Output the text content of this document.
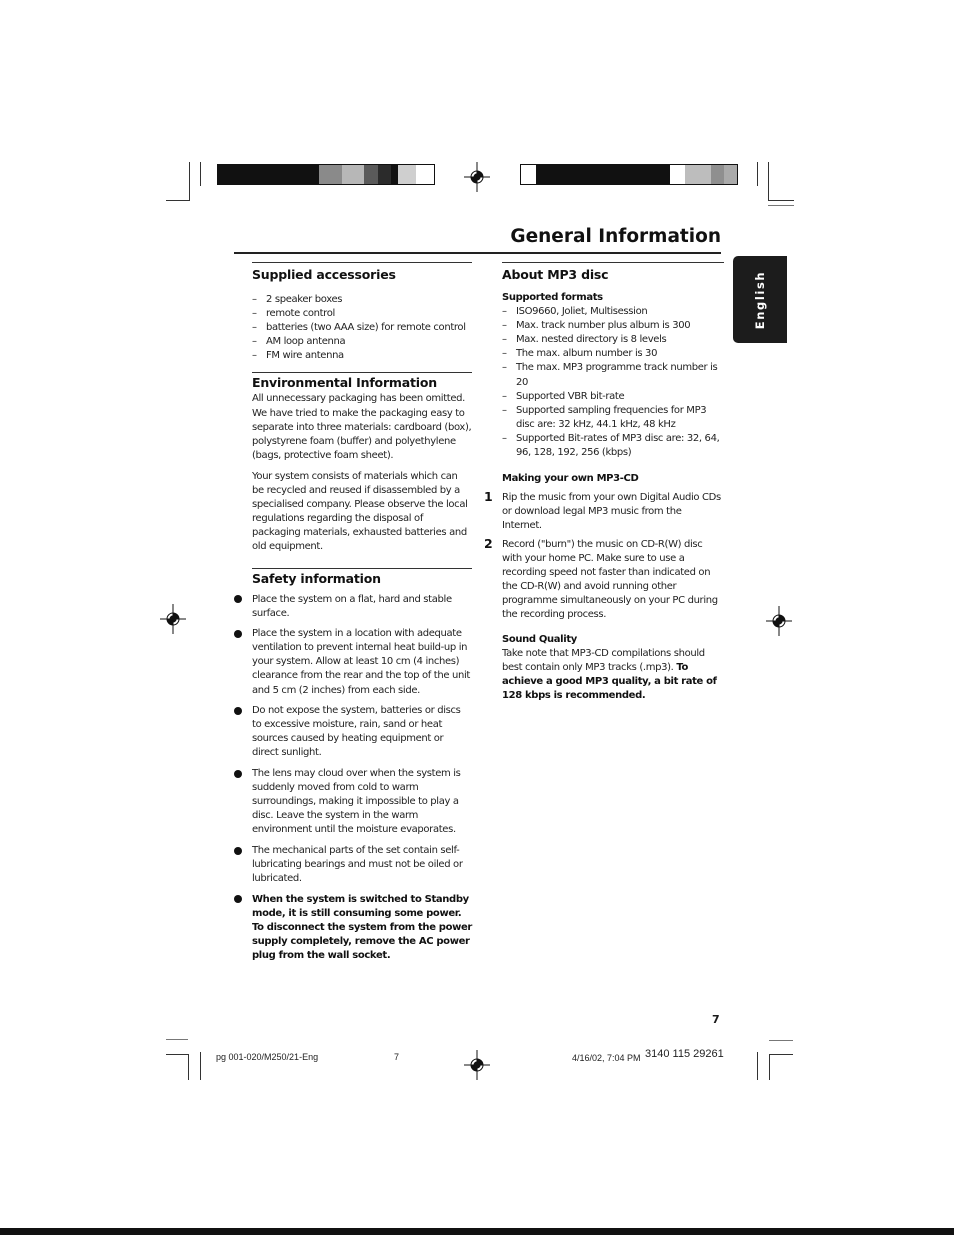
General Information
English
Supplied accessories
– 2 speaker boxes
– remote control
– batteries (two AAA size) for remote control
– AM loop antenna
– FM wire antenna
Environmental Information

All unnecessary packaging has been omitted. We have tried to make the packaging easy to separate into three materials: cardboard (box), polystyrene foam (buffer) and polyethylene (bags, protective foam sheet).

Your system consists of materials which can be recycled and reused if disassembled by a specialised company. Please observe the local regulations regarding the disposal of packaging materials, exhausted batteries and old equipment.

Safety information
Place the system on a flat, hard and stable surface.
Place the system in a location with adequate ventilation to prevent internal heat build-up in your system. Allow at least 10 cm (4 inches) clearance from the rear and the top of the unit and 5 cm (2 inches) from each side.
Do not expose the system, batteries or discs to excessive moisture, rain, sand or heat sources caused by heating equipment or direct sunlight.
The lens may cloud over when the system is suddenly moved from cold to warm surroundings, making it impossible to play a disc. Leave the system in the warm environment until the moisture evaporates.
The mechanical parts of the set contain self-lubricating bearings and must not be oiled or lubricated.
When the system is switched to Standby mode, it is still consuming some power. To disconnect the system from the power supply completely, remove the AC power plug from the wall socket.
About MP3 disc
Supported formats
– ISO9660, Joliet, Multisession
– Max. track number plus album is 300
– Max. nested directory is 8 levels
– The max. album number is 30
– The max. MP3 programme track number is 20
– Supported VBR bit-rate
– Supported sampling frequencies for MP3 disc are: 32 kHz, 44.1 kHz, 48 kHz
– Supported Bit-rates of MP3 disc are: 32, 64, 96, 128, 192, 256 (kbps)
Making your own MP3-CD
1 Rip the music from your own Digital Audio CDs or download legal MP3 music from the Internet.
2 Record ("burn") the music on CD-R(W) disc with your home PC. Make sure to use a recording speed not faster than indicated on the CD-R(W) and avoid running other programme simultaneously on your PC during the recording process.
Sound Quality

Take note that MP3-CD compilations should best contain only MP3 tracks (.mp3). To achieve a good MP3 quality, a bit rate of 128 kbps is recommended.

7
pg 001-020/M250/21-Eng	7	4/16/02, 7:04 PM 3140 115 29261
